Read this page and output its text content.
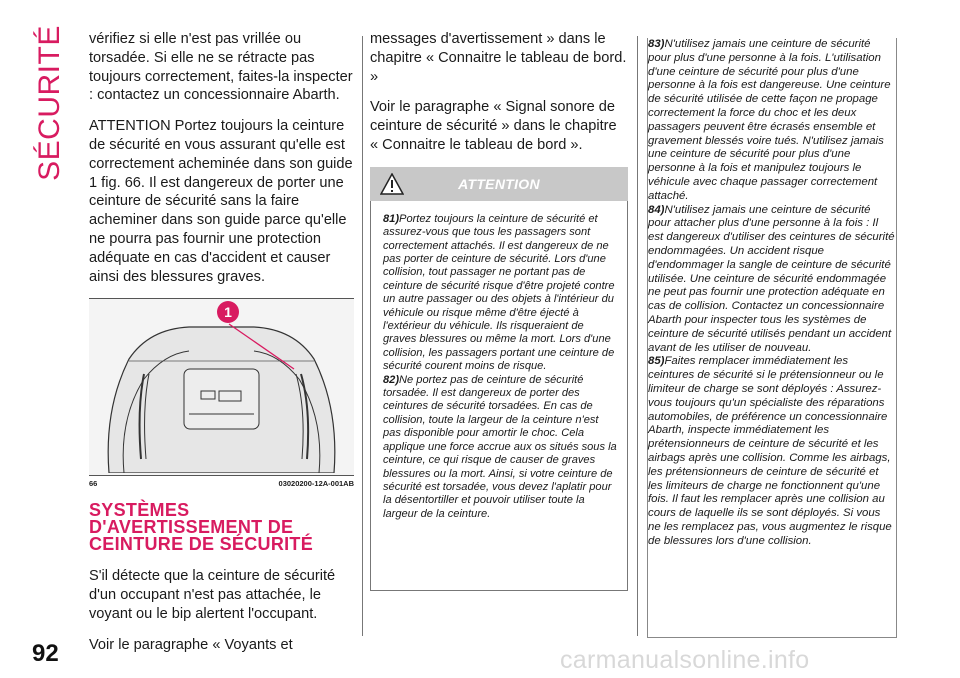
SÉCURITÉ vérifiez si elle n'est pas vrillée ou torsadée. Si elle ne se rétracte pas toujours correctement, faites-la inspecter : contactez un concessionnaire Abarth.

ATTENTION Portez toujours la ceinture de sécurité en vous assurant qu'elle est correctement acheminée dans son guide 1 fig. 66. Il est dangereux de porter une ceinture de sécurité sans la faire acheminer dans son guide parce qu'elle ne pourra pas fournir une protection adéquate en cas d'accident et causer ainsi des blessures graves.

1
66	03020200-12A-001AB
SYSTÈMES D'AVERTISSEMENT DE CEINTURE DE SÉCURITÉ

S'il détecte que la ceinture de sécurité d'un occupant n'est pas attachée, le voyant ou le bip alertent l'occupant.

Voir le paragraphe « Voyants et

messages d'avertissement » dans le chapitre « Connaitre le tableau de bord. »

Voir le paragraphe « Signal sonore de ceinture de sécurité » dans le chapitre « Connaitre le tableau de bord ».

ATTENTION

81)Portez toujours la ceinture de sécurité et assurez-vous que tous les passagers sont correctement attachés. Il est dangereux de ne pas porter de ceinture de sécurité. Lors d'une collision, tout passager ne portant pas de ceinture de sécurité risque d'être projeté contre un autre passager ou des objets à l'intérieur du véhicule ou risque même d'être éjecté à l'extérieur du véhicule. Ils risqueraient de graves blessures ou même la mort. Lors d'une collision, les passagers portant une ceinture de sécurité courent moins de risque.

82)Ne portez pas de ceinture de sécurité torsadée. Il est dangereux de porter des ceintures de sécurité torsadées. En cas de collision, toute la largeur de la ceinture n'est pas disponible pour amortir le choc. Cela applique une force accrue aux os situés sous la ceinture, ce qui risque de causer de graves blessures ou la mort. Ainsi, si votre ceinture de sécurité est torsadée, vous devez l'aplatir pour la désentortiller et pouvoir utiliser toute la largeur de la ceinture.

83)N'utilisez jamais une ceinture de sécurité pour plus d'une personne à la fois. L'utilisation d'une ceinture de sécurité pour plus d'une personne à la fois est dangereuse. Une ceinture de sécurité utilisée de cette façon ne propage correctement la force du choc et les deux passagers peuvent être écrasés ensemble et gravement blessés voire tués. N'utilisez jamais une ceinture de sécurité pour plus d'une personne à la fois et manipulez toujours le véhicule avec chaque passager correctement attaché.

84)N'utilisez jamais une ceinture de sécurité pour attacher plus d'une personne à la fois : Il est dangereux d'utiliser des ceintures de sécurité endommagées. Un accident risque d'endommager la sangle de ceinture de sécurité utilisée. Une ceinture de sécurité endommagée ne peut pas fournir une protection adéquate en cas de collision. Contactez un concessionnaire Abarth pour inspecter tous les systèmes de ceinture de sécurité utilisés pendant un accident avant de les utiliser de nouveau.

85)Faites remplacer immédiatement les ceintures de sécurité si le prétensionneur ou le limiteur de charge se sont déployés : Assurez-vous toujours qu'un spécialiste des réparations automobiles, de préférence un concessionnaire Abarth, inspecte immédiatement les prétensionneurs de ceinture de sécurité et les airbags après une collision. Comme les airbags, les prétensionneurs de ceinture de sécurité et les limiteurs de charge ne fonctionnent qu'une fois. Il faut les remplacer après une collision au cours de laquelle ils se sont déployés. Si vous ne les remplacez pas, vous augmentez le risque de blessures lors d'une collision.

92	carmanualsonline.info
